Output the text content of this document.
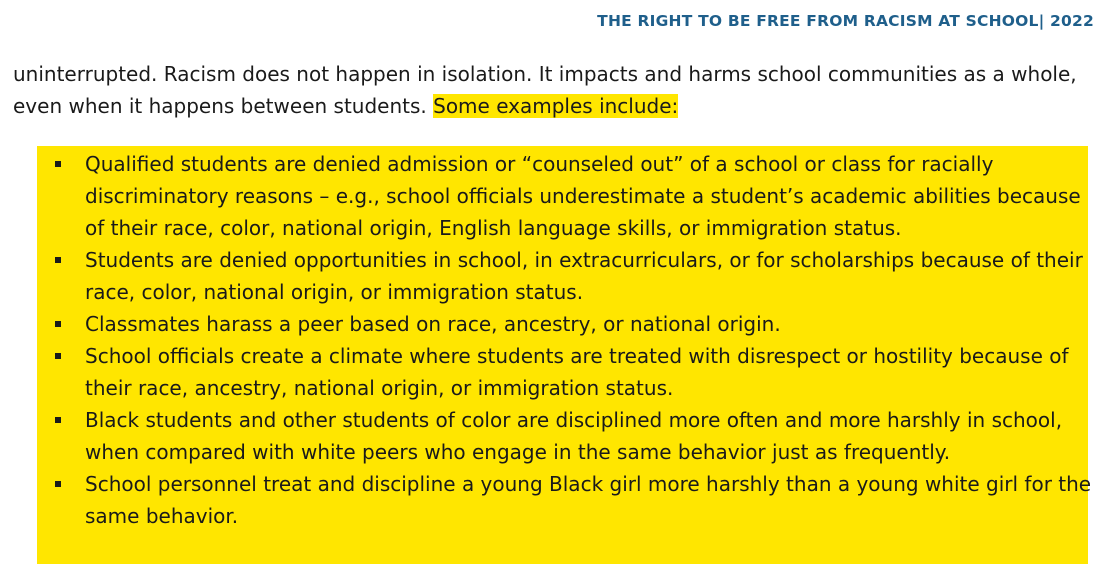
THE RIGHT TO BE FREE FROM RACISM AT SCHOOL| 2022

uninterrupted. Racism does not happen in isolation. It impacts and harms school communities as a whole, even when it happens between students. Some examples include:

Qualified students are denied admission or “counseled out” of a school or class for racially discriminatory reasons – e.g., school officials underestimate a student’s academic abilities because of their race, color, national origin, English language skills, or immigration status.
Students are denied opportunities in school, in extracurriculars, or for scholarships because of their race, color, national origin, or immigration status.
Classmates harass a peer based on race, ancestry, or national origin.
School officials create a climate where students are treated with disrespect or hostility because of their race, ancestry, national origin, or immigration status.
Black students and other students of color are disciplined more often and more harshly in school, when compared with white peers who engage in the same behavior just as frequently.
School personnel treat and discipline a young Black girl more harshly than a young white girl for the same behavior.
